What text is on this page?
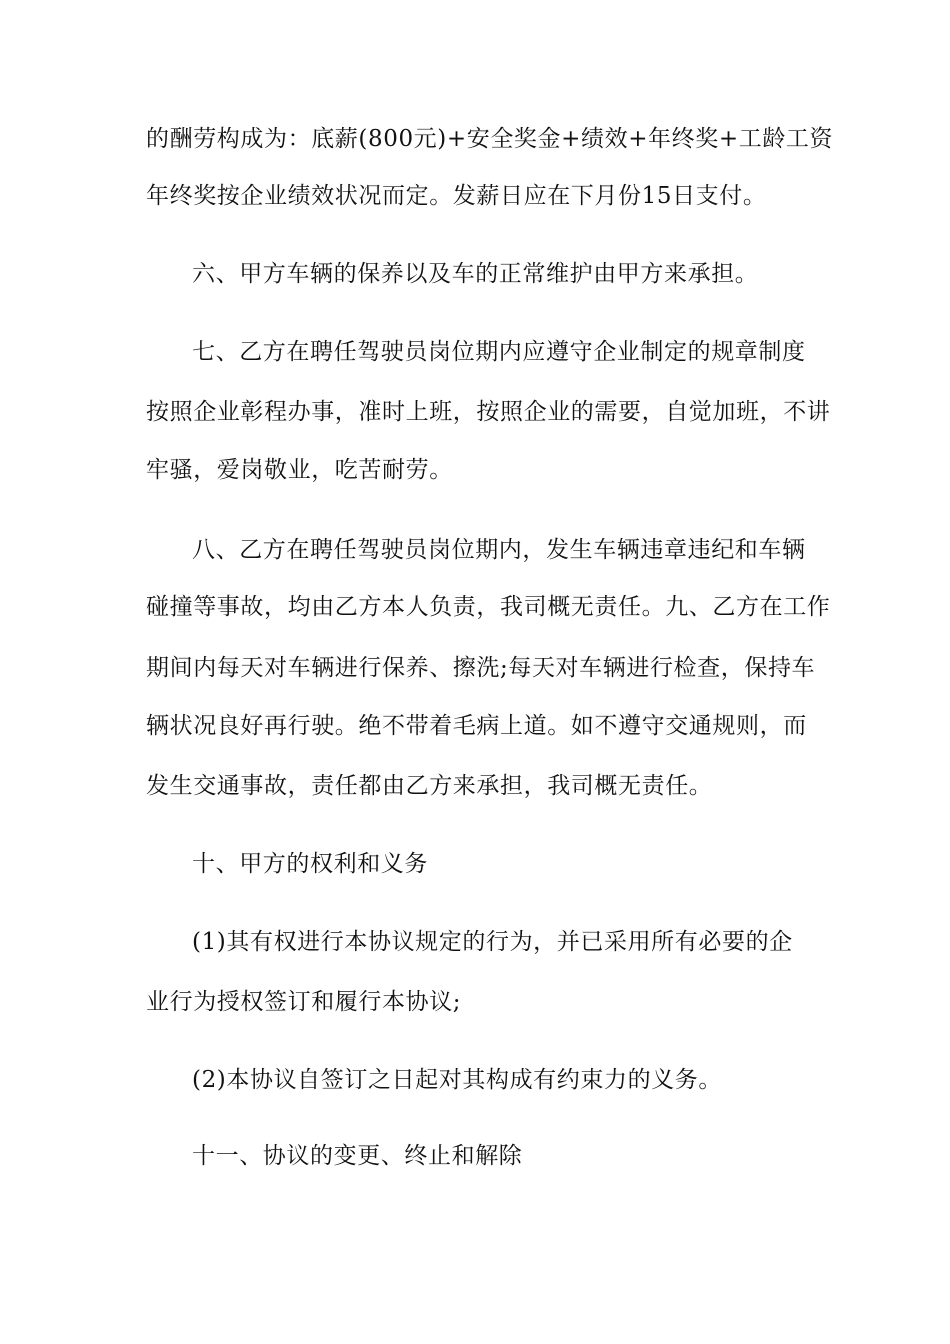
的酬劳构成为：底薪(800元)+安全奖金+绩效+年终奖+工龄工资
年终奖按企业绩效状况而定。发薪日应在下月份15日支付。
六、甲方车辆的保养以及车的正常维护由甲方来承担。
七、乙方在聘任驾驶员岗位期内应遵守企业制定的规章制度
按照企业彰程办事，准时上班，按照企业的需要，自觉加班，不讲
牢骚，爱岗敬业，吃苦耐劳。
八、乙方在聘任驾驶员岗位期内，发生车辆违章违纪和车辆
碰撞等事故，均由乙方本人负责，我司概无责任。九、乙方在工作
期间内每天对车辆进行保养、擦洗;每天对车辆进行检查，保持车
辆状况良好再行驶。绝不带着毛病上道。如不遵守交通规则，而
发生交通事故，责任都由乙方来承担，我司概无责任。
十、甲方的权利和义务
(1)其有权进行本协议规定的行为，并已采用所有必要的企
业行为授权签订和履行本协议;
(2)本协议自签订之日起对其构成有约束力的义务。
十一、协议的变更、终止和解除
